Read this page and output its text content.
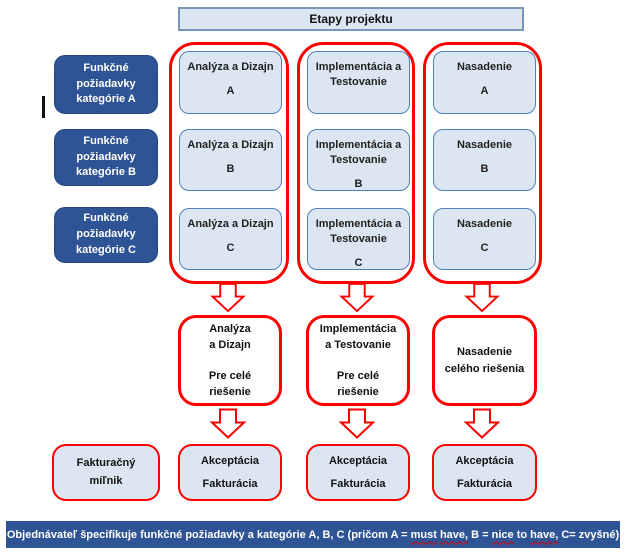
Etapy projektu
Funkčné
požiadavky
kategórie A
Funkčné
požiadavky
kategórie B
Funkčné
požiadavky
kategórie C
Analýza a Dizajn
A
Analýza a Dizajn
B
Analýza a Dizajn
C
Implementácia a Testovanie
Implementácia a Testovanie
B
Implementácia a Testovanie
C
Nasadenie
A
Nasadenie
B
Nasadenie
C
Analýza
a Dizajn
Pre celé
riešenie
Implementácia
a Testovanie
Pre celé
riešenie
Nasadenie
celého riešenia
Fakturačný
míľnik
Akceptácia
Fakturácia
Akceptácia
Fakturácia
Akceptácia
Fakturácia
Objednávateľ špecifikuje funkčné požiadavky a kategórie A, B, C (pričom A = must
have, B = nice to have, C= zvyšné)
